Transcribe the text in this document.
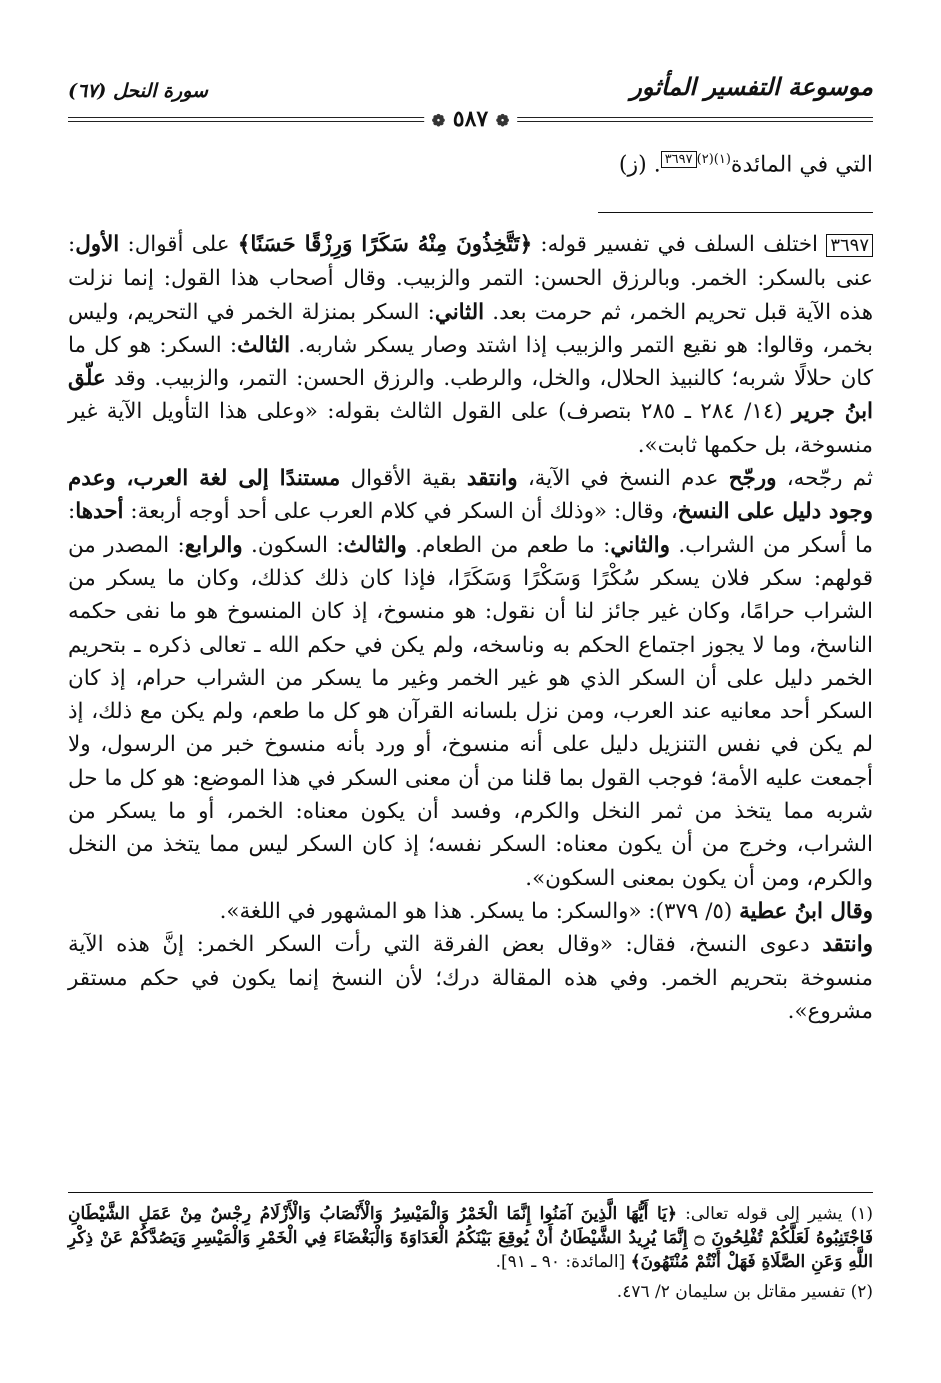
موسوعة التفسير المأثور
سورة النحل (٦٧)
❁ ٥٨٧ ❁
التي في المائدة$^{(١)(٢)٣٦٩٧}$. (ز)

٣٦٩٧ اختلف السلف في تفسير قوله: ﴿تَتَّخِذُونَ مِنْهُ سَكَرًا وَرِزْقًا حَسَنًا﴾ على أقوال: الأول: عنى بالسكر: الخمر. وبالرزق الحسن: التمر والزبيب. وقال أصحاب هذا القول: إنما نزلت هذه الآية قبل تحريم الخمر، ثم حرمت بعد. الثاني: السكر بمنزلة الخمر في التحريم، وليس بخمر، وقالوا: هو نقيع التمر والزبيب إذا اشتد وصار يسكر شاربه. الثالث: السكر: هو كل ما كان حلالًا شربه؛ كالنبيذ الحلال، والخل، والرطب. والرزق الحسن: التمر، والزبيب. وقد علّق ابنُ جرير (١٤/ ٢٨٤ ـ ٢٨٥ بتصرف) على القول الثالث بقوله: «وعلى هذا التأويل الآية غير منسوخة، بل حكمها ثابت».

ثم رجّحه، ورجّح عدم النسخ في الآية، وانتقد بقية الأقوال مستندًا إلى لغة العرب، وعدم وجود دليل على النسخ، وقال: «وذلك أن السكر في كلام العرب على أحد أوجه أربعة: أحدها: ما أسكر من الشراب. والثاني: ما طعم من الطعام. والثالث: السكون. والرابع: المصدر من قولهم: سكر فلان يسكر سُكْرًا وَسَكْرًا وَسَكَرًا، فإذا كان ذلك كذلك، وكان ما يسكر من الشراب حرامًا، وكان غير جائز لنا أن نقول: هو منسوخ، إذ كان المنسوخ هو ما نفى حكمه الناسخ، وما لا يجوز اجتماع الحكم به وناسخه، ولم يكن في حكم الله ـ تعالى ذكره ـ بتحريم الخمر دليل على أن السكر الذي هو غير الخمر وغير ما يسكر من الشراب حرام، إذ كان السكر أحد معانيه عند العرب، ومن نزل بلسانه القرآن هو كل ما طعم، ولم يكن مع ذلك، إذ لم يكن في نفس التنزيل دليل على أنه منسوخ، أو ورد بأنه منسوخ خبر من الرسول، ولا أجمعت عليه الأمة؛ فوجب القول بما قلنا من أن معنى السكر في هذا الموضع: هو كل ما حل شربه مما يتخذ من ثمر النخل والكرم، وفسد أن يكون معناه: الخمر، أو ما يسكر من الشراب، وخرج من أن يكون معناه: السكر نفسه؛ إذ كان السكر ليس مما يتخذ من النخل والكرم، ومن أن يكون بمعنى السكون».

وقال ابنُ عطية (٥/ ٣٧٩): «والسكر: ما يسكر. هذا هو المشهور في اللغة».

وانتقد دعوى النسخ، فقال: «وقال بعض الفرقة التي رأت السكر الخمر: إنَّ هذه الآية منسوخة بتحريم الخمر. وفي هذه المقالة درك؛ لأن النسخ إنما يكون في حكم مستقر مشروع».

(١) يشير إلى قوله تعالى: ﴿يَا أَيُّهَا الَّذِينَ آمَنُوا إِنَّمَا الْخَمْرُ وَالْمَيْسِرُ وَالْأَنْصَابُ وَالْأَزْلَامُ رِجْسٌ مِنْ عَمَلِ الشَّيْطَانِ فَاجْتَنِبُوهُ لَعَلَّكُمْ تُفْلِحُونَ ۝ إِنَّمَا يُرِيدُ الشَّيْطَانُ أَنْ يُوقِعَ بَيْنَكُمُ الْعَدَاوَةَ وَالْبَغْضَاءَ فِي الْخَمْرِ وَالْمَيْسِرِ وَيَصُدَّكُمْ عَنْ ذِكْرِ اللَّهِ وَعَنِ الصَّلَاةِ فَهَلْ أَنْتُمْ مُنْتَهُونَ﴾ [المائدة: ٩٠ ـ ٩١].

(٢) تفسير مقاتل بن سليمان ٢/ ٤٧٦.
